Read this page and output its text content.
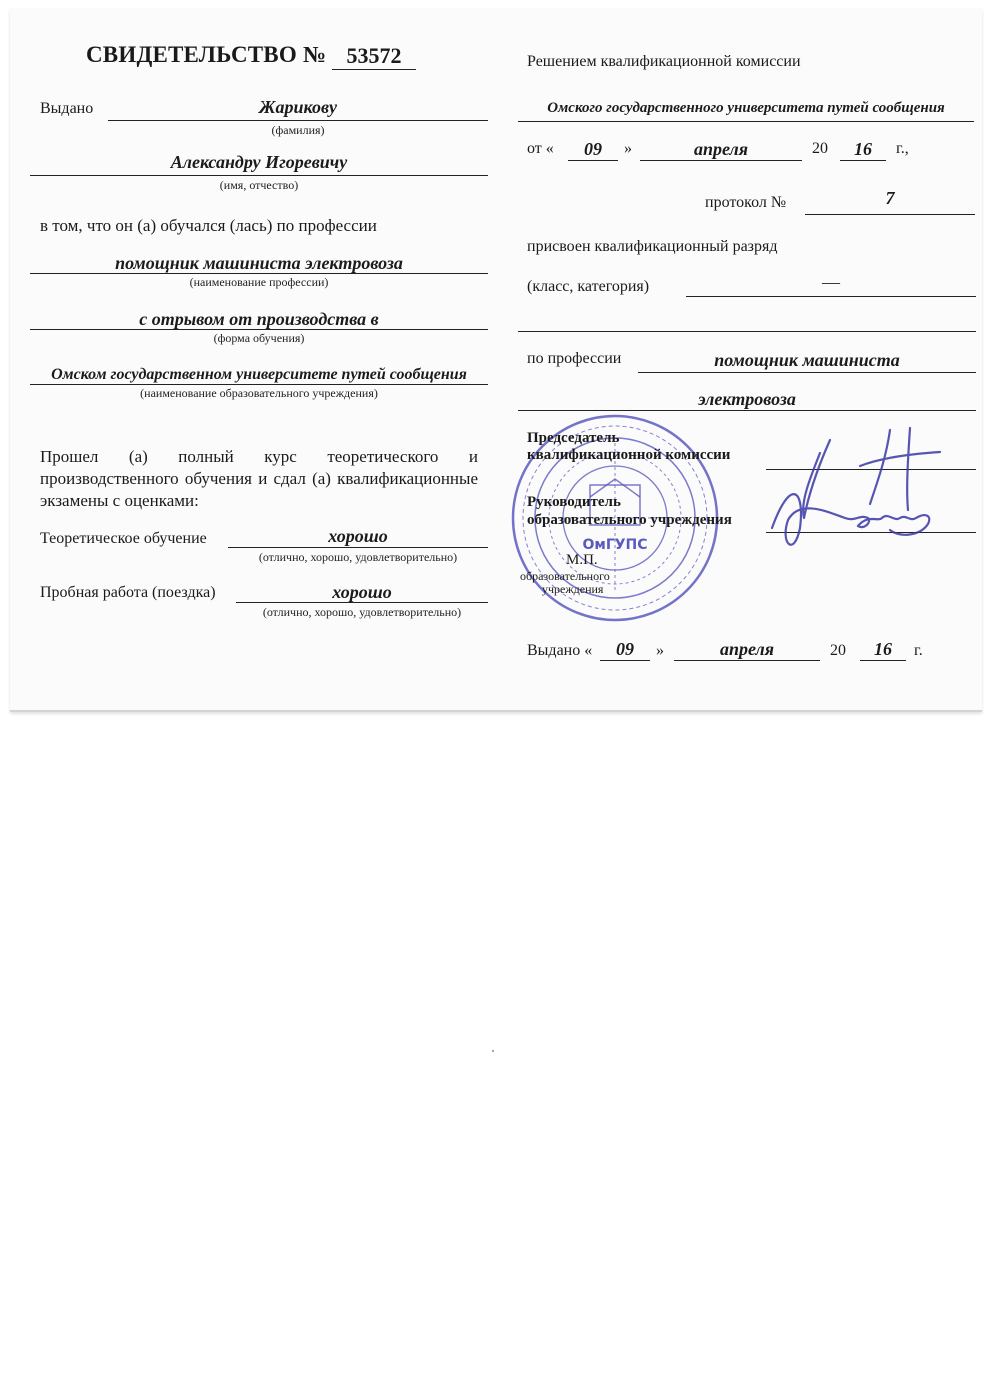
СВИДЕТЕЛЬСТВО № 53572
Выдано	Жарикову
(фамилия)
Александру Игоревичу
(имя, отчество)
в том, что он (а) обучался (лась) по профессии
помощник машиниста электровоза
(наименование профессии)
с отрывом от производства в
(форма обучения)
Омском государственном университете путей сообщения
(наименование образовательного учреждения)
Прошел (а) полный курс теоретического и производственного обучения и сдал (а) квалификационные экзамены с оценками:
Теоретическое обучение	хорошо
(отлично, хорошо, удовлетворительно)
Пробная работа (поездка)	хорошо
(отлично, хорошо, удовлетворительно)
Решением квалификационной комиссии
Омского государственного университета путей сообщения
от «	09	»	апреля	20	16	г.,
протокол №	7
присвоен квалификационный разряд
(класс, категория)	—
по профессии	помощник машиниста
электровоза
ОмГУПС
Председатель
квалификационной комиссии
Руководитель
образовательного учреждения
М.П.
образовательного
учреждения
Выдано «	09	»	апреля	20	16	г.
